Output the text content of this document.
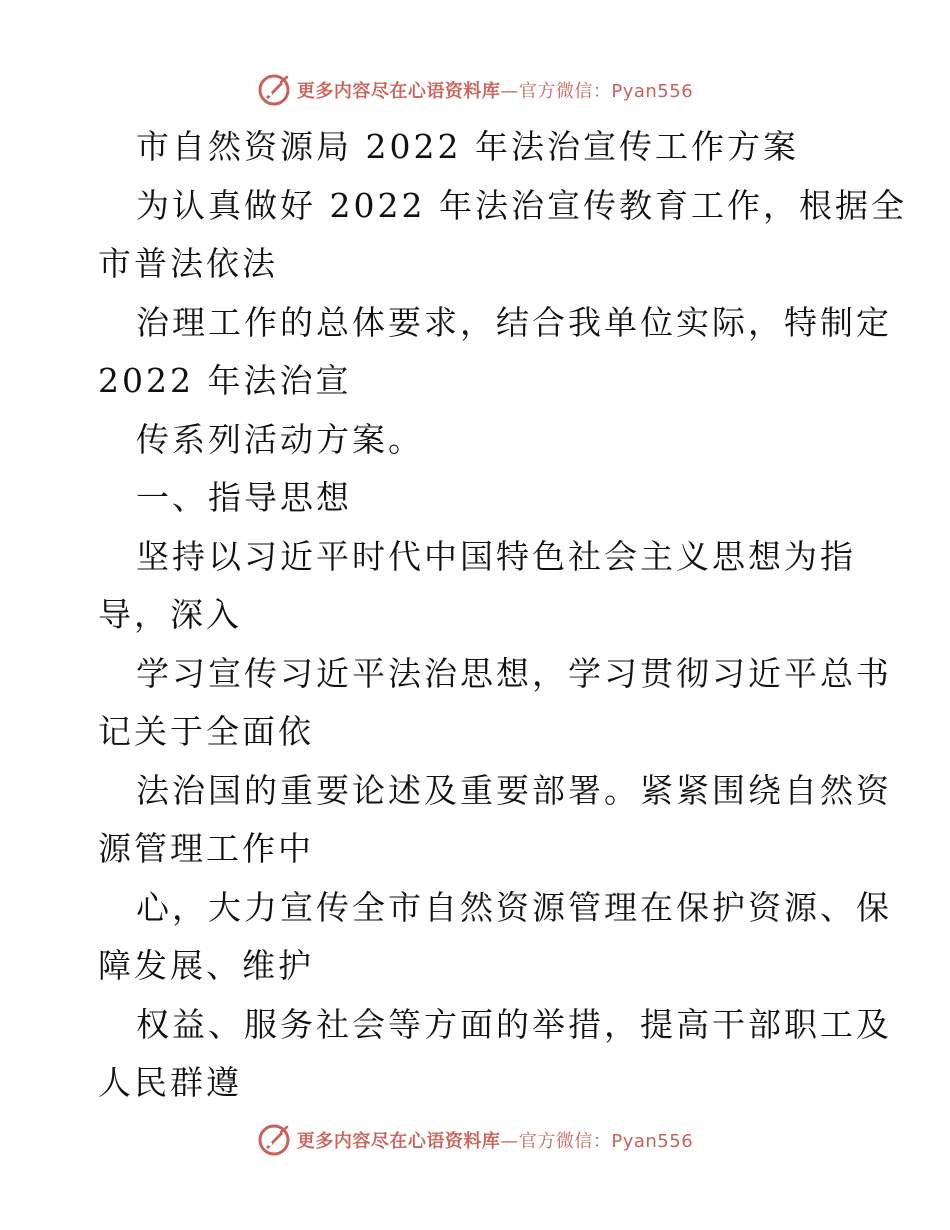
更多内容尽在心语资料库—官方微信：Pyan556
市自然资源局 2022 年法治宣传工作方案
为认真做好 2022 年法治宣传教育工作，根据全
市普法依法
治理工作的总体要求，结合我单位实际，特制定
2022 年法治宣
传系列活动方案。
一、指导思想
坚持以习近平时代中国特色社会主义思想为指
导，深入
学习宣传习近平法治思想，学习贯彻习近平总书
记关于全面依
法治国的重要论述及重要部署。紧紧围绕自然资
源管理工作中
心，大力宣传全市自然资源管理在保护资源、保
障发展、维护
权益、服务社会等方面的举措，提高干部职工及
人民群遵
更多内容尽在心语资料库—官方微信：Pyan556
